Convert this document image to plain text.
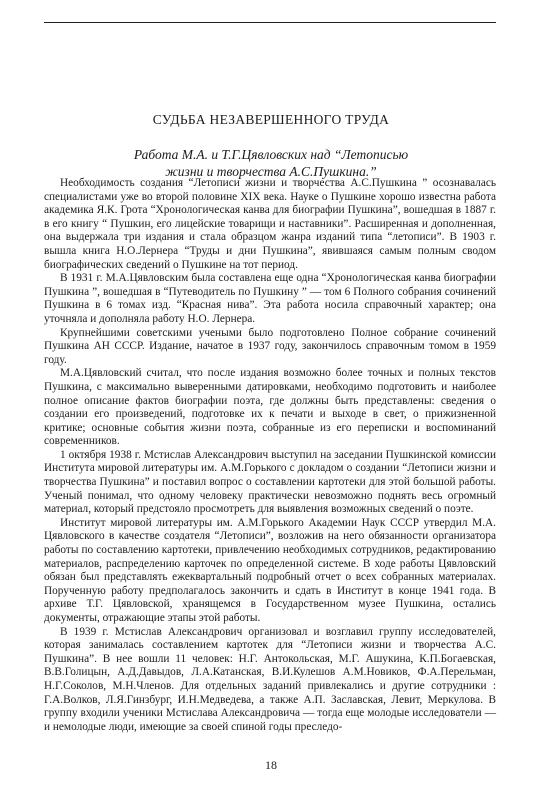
СУДЬБА НЕЗАВЕРШЕННОГО ТРУДА
Работа М.А. и Т.Г.Цявловских над “Летописью
жизни и творчества А.С.Пушкина.”

Необходимость создания “Летописи жизни и творчества А.С.Пушкина ” осознавалась специалистами уже во второй половине XIX века. Науке о Пушкине хорошо известна работа академика Я.К. Грота “Хронологическая канва для биографии Пушкина”, вошедшая в 1887 г. в его книгу “ Пушкин, его лицейские товарищи и наставники”. Расширенная и дополненная, она выдержала три издания и стала образцом жанра изданий типа “летописи”. В 1903 г. вышла книга Н.О.Лернера “Труды и дни Пушкина”, явившаяся самым полным сводом биографических сведений о Пушкине на тот период.

В 1931 г. М.А.Цявловским была составлена еще одна “Хронологическая канва биографии Пушкина ”, вошедшая в “Путеводитель по Пушкину ” — том 6 Полного собрания сочинений Пушкина в 6 томах изд. “Красная нива”. Эта работа носила справочный характер; она уточняла и дополняла работу Н.О. Лернера.

Крупнейшими советскими учеными было подготовлено Полное собрание сочинений Пушкина АН СССР. Издание, начатое в 1937 году, закончилось справочным томом в 1959 году.

М.А.Цявловский считал, что после издания возможно более точных и полных текстов Пушкина, с максимально выверенными датировками, необходимо подготовить и наиболее полное описание фактов биографии поэта, где должны быть представлены: сведения о создании его произведений, подготовке их к печати и выходе в свет, о прижизненной критике; основные события жизни поэта, собранные из его переписки и воспоминаний современников.

1 октября 1938 г. Мстислав Александрович выступил на заседании Пушкинской комиссии Института мировой литературы им. А.М.Горького с докладом о создании “Летописи жизни и творчества Пушкина” и поставил вопрос о составлении картотеки для этой большой работы. Ученый понимал, что одному человеку практически невозможно поднять весь огромный материал, который предстояло просмотреть для выявления возможных сведений о поэте.

Институт мировой литературы им. А.М.Горького Академии Наук СССР утвердил М.А. Цявловского в качестве создателя “Летописи”, возложив на него обязанности организатора работы по составлению картотеки, привлечению необходимых сотрудников, редактированию материалов, распределению карточек по определенной системе. В ходе работы Цявловский обязан был представлять ежеквартальный подробный отчет о всех собранных материалах. Порученную работу предполагалось закончить и сдать в Институт в конце 1941 года. В архиве Т.Г. Цявловской, хранящемся в Государственном музее Пушкина, остались документы, отражающие этапы этой работы.

В 1939 г. Мстислав Александрович организовал и возглавил группу исследователей, которая занималась составлением картотек для “Летописи жизни и творчества А.С. Пушкина”. В нее вошли 11 человек: Н.Г. Антокольская, М.Г. Ашукина, К.П.Богаевская, В.В.Голицын, А.Д.Давыдов, Л.А.Катанская, В.И.Кулешов А.М.Новиков, Ф.А.Перельман, Н.Г.Соколов, М.Н.Членов. Для отдельных заданий привлекались и другие сотрудники : Г.А.Волков, Л.Я.Гинзбург, И.Н.Медведева, а также А.П. Заславская, Левит, Меркулова. В группу входили ученики Мстислава Александровича — тогда еще молодые исследователи — и немолодые люди, имеющие за своей спиной годы преследо-

18
